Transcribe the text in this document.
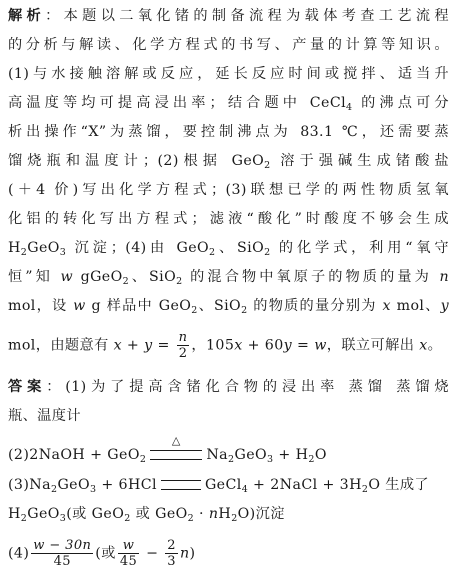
解析：本题以二氧化锗的制备流程为载体考查工艺流程
的分析与解读、化学方程式的书写、产量的计算等知识。
(1)与水接触溶解或反应，延长反应时间或搅拌、适当升
高温度等均可提高浸出率；结合题中 CeCl$_4$ 的沸点可分
析出操作“X”为蒸馏，要控制沸点为 83.1 ℃，还需要蒸
馏烧瓶和温度计；(2)根据 GeO$_2$ 溶于强碱生成锗酸盐
(＋4 价)写出化学方程式；(3)联想已学的两性物质氢氧
化铝的转化写出方程式；滤液“酸化”时酸度不够会生成
$H_2GeO_3$ 沉淀；(4)由 GeO$_2$、SiO$_2$ 的化学式，利用“氧守
恒”知 w gGeO$_2$、SiO$_2$ 的混合物中氧原子的物质的量为 n
mol，设 w g 样品中 GeO$_2$、SiO$_2$ 的物质的量分别为 x mol、y
mol，由题意有 $x + y = \frac{n}{2}$ ，105x + 60y = w，联立可解出 x。
答案：(1)为了提高含锗化合物的浸出率 蒸馏 蒸馏烧
瓶、温度计
(2)2NaOH + GeO$_2$
△
$Na_2GeO_3 + H_2O$
$(3)Na_2GeO_3 + 6HCl$	GeCl$_4$ + 2NaCl + $3H_2O$ 生成了
$H_2GeO_3$(或 GeO$_2$ 或 $GeO_2 \cdot nH_2O$)沉淀
$(4) \frac{w - 30n}{45}$ (或 $\frac{w}{45} - \frac{2}{3} n$)
